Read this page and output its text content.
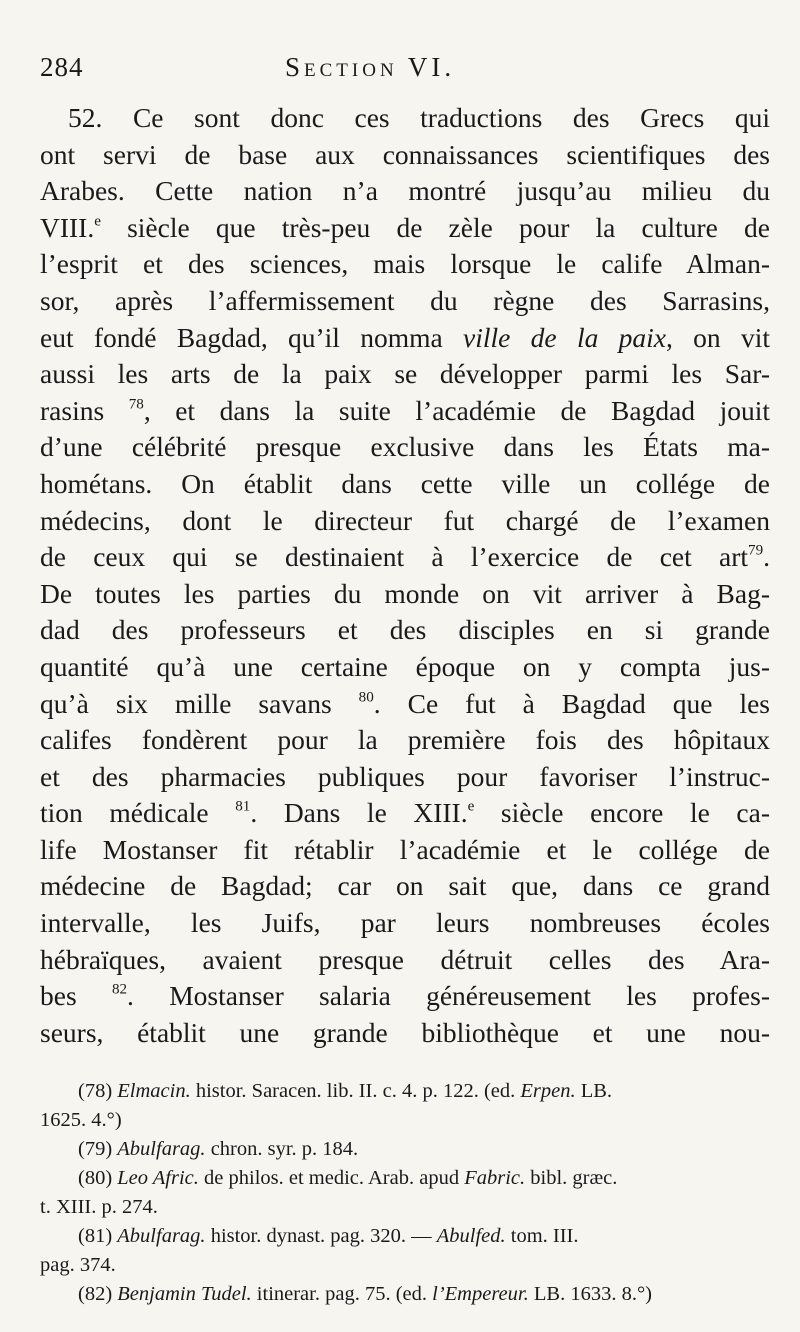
284	Section VI.
52. Ce sont donc ces traductions des Grecs qui
ont servi de base aux connaissances scientifiques des
Arabes. Cette nation n’a montré jusqu’au milieu du
VIII.$^e$ siècle que très-peu de zèle pour la culture de
l’esprit et des sciences, mais lorsque le calife Alman-
sor, après l’affermissement du règne des Sarrasins,
eut fondé Bagdad, qu’il nomma ville de la paix, on vit
aussi les arts de la paix se développer parmi les Sar-
rasins $^{78}$, et dans la suite l’académie de Bagdad jouit
d’une célébrité presque exclusive dans les États ma-
hométans. On établit dans cette ville un collége de
médecins, dont le directeur fut chargé de l’examen
de ceux qui se destinaient à l’exercice de cet art$^{79}$.
De toutes les parties du monde on vit arriver à Bag-
dad des professeurs et des disciples en si grande
quantité qu’à une certaine époque on y compta jus-
qu’à six mille savans $^{80}$. Ce fut à Bagdad que les
califes fondèrent pour la première fois des hôpitaux
et des pharmacies publiques pour favoriser l’instruc-
tion médicale $^{81}$. Dans le XIII.$^e$ siècle encore le ca-
life Mostanser fit rétablir l’académie et le collége de
médecine de Bagdad; car on sait que, dans ce grand
intervalle, les Juifs, par leurs nombreuses écoles
hébraïques, avaient presque détruit celles des Ara-
bes $^{82}$. Mostanser salaria généreusement les profes-
seurs, établit une grande bibliothèque et une nou-
(78) Elmacin. histor. Saracen. lib. II. c. 4. p. 122. (ed. Erpen. LB.
1625. 4.°)
(79) Abulfarag. chron. syr. p. 184.
(80) Leo Afric. de philos. et medic. Arab. apud Fabric. bibl. græc.
t. XIII. p. 274.
(81) Abulfarag. histor. dynast. pag. 320. — Abulfed. tom. III.
pag. 374.
(82) Benjamin Tudel. itinerar. pag. 75. (ed. l’Empereur. LB. 1633. 8.°)
